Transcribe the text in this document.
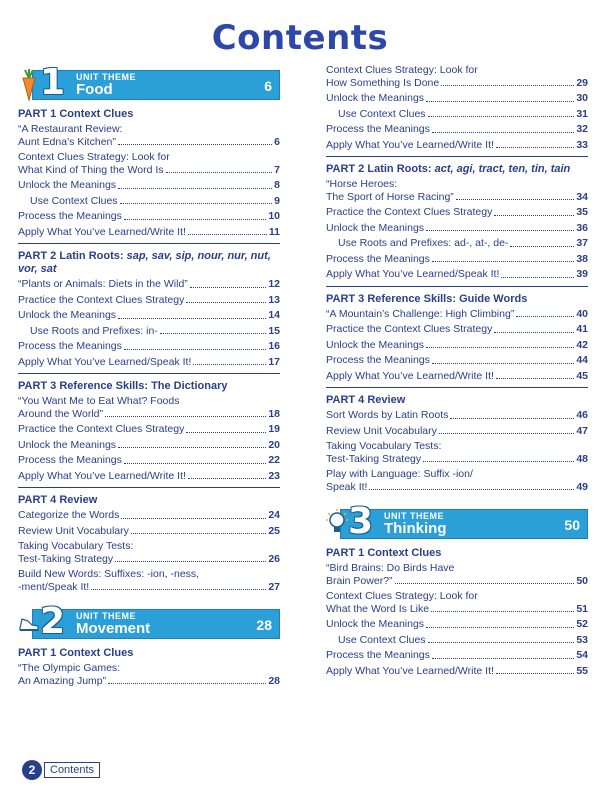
Contents
1 UNIT THEME
Food	6
PART 1 Context Clues
“A Restaurant Review:
Aunt Edna’s Kitchen”	6
Context Clues Strategy: Look for
What Kind of Thing the Word Is	7
Unlock the Meanings	8
Use Context Clues	9
Process the Meanings	10
Apply What You’ve Learned/Write It!	11
PART 2 Latin Roots: sap, sav, sip, nour, nur, nut, vor, sat
“Plants or Animals: Diets in the Wild”	12
Practice the Context Clues Strategy	13
Unlock the Meanings	14
Use Roots and Prefixes: in-	15
Process the Meanings	16
Apply What You’ve Learned/Speak It!	17
PART 3 Reference Skills: The Dictionary
“You Want Me to Eat What? Foods
Around the World”	18
Practice the Context Clues Strategy	19
Unlock the Meanings	20
Process the Meanings	22
Apply What You’ve Learned/Write It!	23
PART 4 Review
Categorize the Words	24
Review Unit Vocabulary	25
Taking Vocabulary Tests:
Test-Taking Strategy	26
Build New Words: Suffixes: -ion, -ness,
-ment/Speak It!	27
2 UNIT THEME
Movement	28
PART 1 Context Clues
“The Olympic Games:
An Amazing Jump”	28
Context Clues Strategy: Look for
How Something Is Done	29
Unlock the Meanings	30
Use Context Clues	31
Process the Meanings	32
Apply What You’ve Learned/Write It!	33
PART 2 Latin Roots: act, agi, tract, ten, tin, tain
“Horse Heroes:
The Sport of Horse Racing”	34
Practice the Context Clues Strategy	35
Unlock the Meanings	36
Use Roots and Prefixes: ad-, at-, de-	37
Process the Meanings	38
Apply What You’ve Learned/Speak It!	39
PART 3 Reference Skills: Guide Words
“A Mountain’s Challenge: High Climbing”	40
Practice the Context Clues Strategy	41
Unlock the Meanings	42
Process the Meanings	44
Apply What You’ve Learned/Write It!	45
PART 4 Review
Sort Words by Latin Roots	46
Review Unit Vocabulary	47
Taking Vocabulary Tests:
Test-Taking Strategy	48
Play with Language: Suffix -ion/
Speak It!	49
3 UNIT THEME
Thinking	50
PART 1 Context Clues
“Bird Brains: Do Birds Have
Brain Power?”	50
Context Clues Strategy: Look for
What the Word Is Like	51
Unlock the Meanings	52
Use Context Clues	53
Process the Meanings	54
Apply What You’ve Learned/Write It!	55
2	Contents
